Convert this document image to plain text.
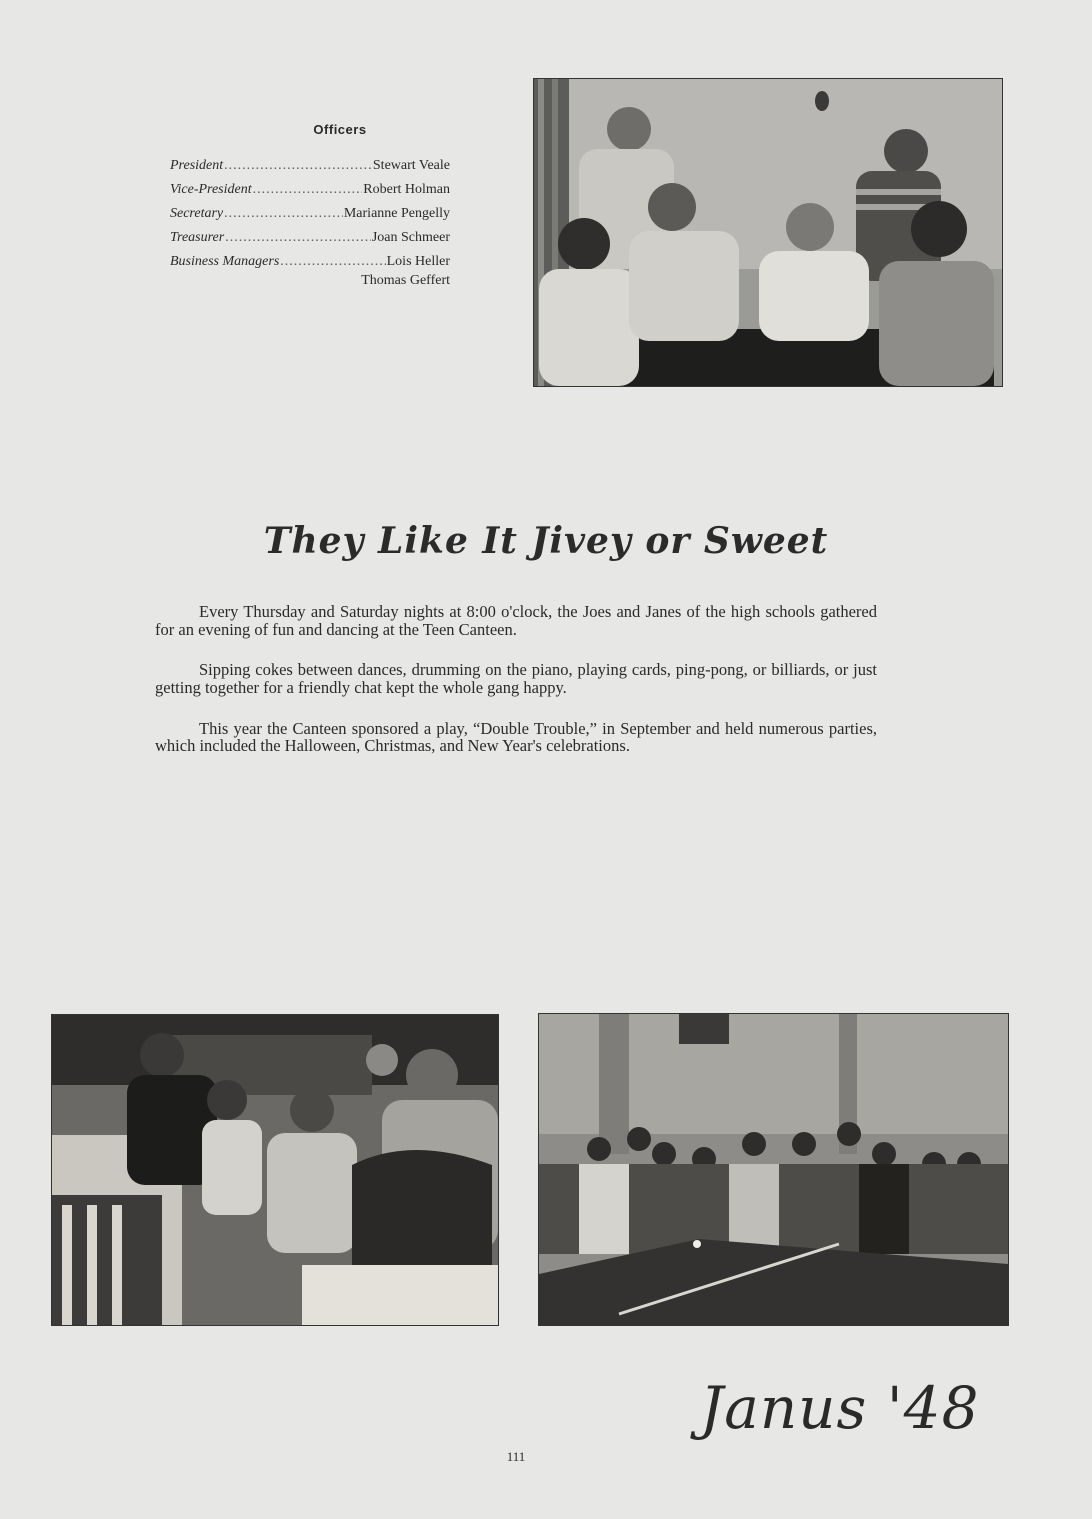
Officers
President .....	Stewart Veale
Vice-President .....	Robert Holman
Secretary .....	Marianne Pengelly
Treasurer .....	Joan Schmeer
Business Managers .....	Lois Heller
Thomas Geffert
They Like It Jivey or Sweet

Every Thursday and Saturday nights at 8:00 o'clock, the Joes and Janes of the high schools gathered for an evening of fun and dancing at the Teen Canteen.

Sipping cokes between dances, drumming on the piano, playing cards, ping-pong, or billiards, or just getting together for a friendly chat kept the whole gang happy.

This year the Canteen sponsored a play, “Double Trouble,” in September and held numerous parties, which included the Halloween, Christmas, and New Year's celebrations.

111
Janus '48
